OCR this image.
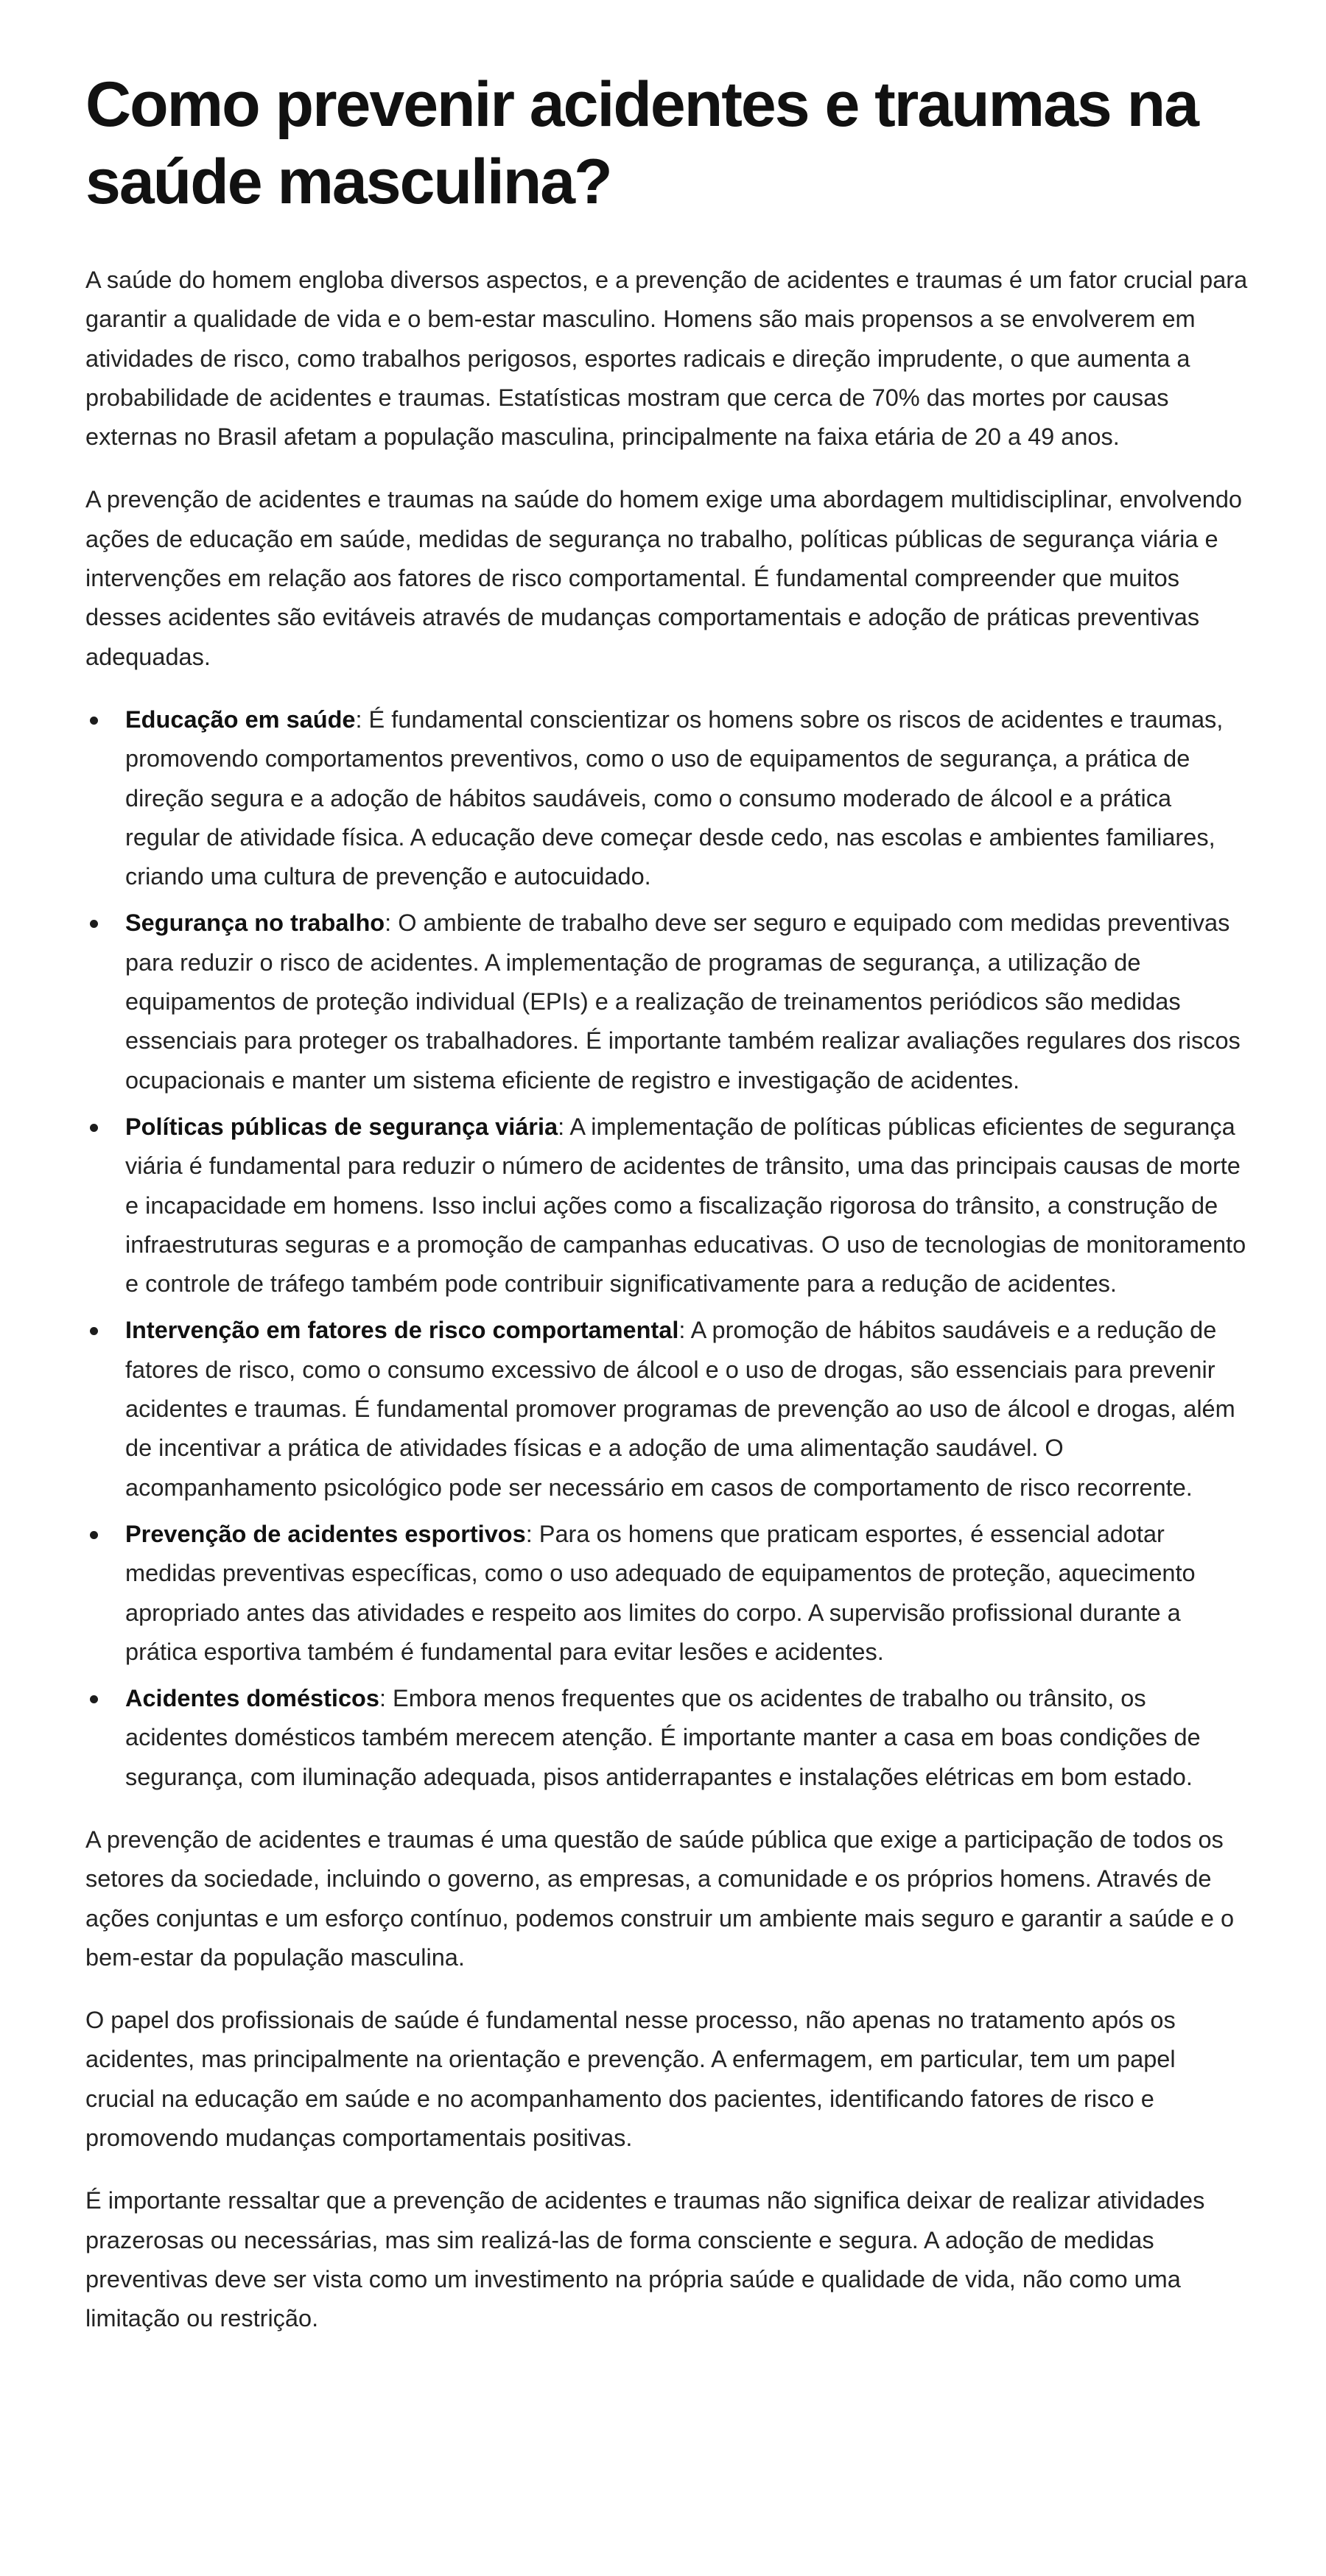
Como prevenir acidentes e traumas na saúde masculina?

A saúde do homem engloba diversos aspectos, e a prevenção de acidentes e traumas é um fator crucial para garantir a qualidade de vida e o bem-estar masculino. Homens são mais propensos a se envolverem em atividades de risco, como trabalhos perigosos, esportes radicais e direção imprudente, o que aumenta a probabilidade de acidentes e traumas. Estatísticas mostram que cerca de 70% das mortes por causas externas no Brasil afetam a população masculina, principalmente na faixa etária de 20 a 49 anos.

A prevenção de acidentes e traumas na saúde do homem exige uma abordagem multidisciplinar, envolvendo ações de educação em saúde, medidas de segurança no trabalho, políticas públicas de segurança viária e intervenções em relação aos fatores de risco comportamental. É fundamental compreender que muitos desses acidentes são evitáveis através de mudanças comportamentais e adoção de práticas preventivas adequadas.

Educação em saúde: É fundamental conscientizar os homens sobre os riscos de acidentes e traumas, promovendo comportamentos preventivos, como o uso de equipamentos de segurança, a prática de direção segura e a adoção de hábitos saudáveis, como o consumo moderado de álcool e a prática regular de atividade física. A educação deve começar desde cedo, nas escolas e ambientes familiares, criando uma cultura de prevenção e autocuidado.
Segurança no trabalho: O ambiente de trabalho deve ser seguro e equipado com medidas preventivas para reduzir o risco de acidentes. A implementação de programas de segurança, a utilização de equipamentos de proteção individual (EPIs) e a realização de treinamentos periódicos são medidas essenciais para proteger os trabalhadores. É importante também realizar avaliações regulares dos riscos ocupacionais e manter um sistema eficiente de registro e investigação de acidentes.
Políticas públicas de segurança viária: A implementação de políticas públicas eficientes de segurança viária é fundamental para reduzir o número de acidentes de trânsito, uma das principais causas de morte e incapacidade em homens. Isso inclui ações como a fiscalização rigorosa do trânsito, a construção de infraestruturas seguras e a promoção de campanhas educativas. O uso de tecnologias de monitoramento e controle de tráfego também pode contribuir significativamente para a redução de acidentes.
Intervenção em fatores de risco comportamental: A promoção de hábitos saudáveis e a redução de fatores de risco, como o consumo excessivo de álcool e o uso de drogas, são essenciais para prevenir acidentes e traumas. É fundamental promover programas de prevenção ao uso de álcool e drogas, além de incentivar a prática de atividades físicas e a adoção de uma alimentação saudável. O acompanhamento psicológico pode ser necessário em casos de comportamento de risco recorrente.
Prevenção de acidentes esportivos: Para os homens que praticam esportes, é essencial adotar medidas preventivas específicas, como o uso adequado de equipamentos de proteção, aquecimento apropriado antes das atividades e respeito aos limites do corpo. A supervisão profissional durante a prática esportiva também é fundamental para evitar lesões e acidentes.
Acidentes domésticos: Embora menos frequentes que os acidentes de trabalho ou trânsito, os acidentes domésticos também merecem atenção. É importante manter a casa em boas condições de segurança, com iluminação adequada, pisos antiderrapantes e instalações elétricas em bom estado.

A prevenção de acidentes e traumas é uma questão de saúde pública que exige a participação de todos os setores da sociedade, incluindo o governo, as empresas, a comunidade e os próprios homens. Através de ações conjuntas e um esforço contínuo, podemos construir um ambiente mais seguro e garantir a saúde e o bem-estar da população masculina.

O papel dos profissionais de saúde é fundamental nesse processo, não apenas no tratamento após os acidentes, mas principalmente na orientação e prevenção. A enfermagem, em particular, tem um papel crucial na educação em saúde e no acompanhamento dos pacientes, identificando fatores de risco e promovendo mudanças comportamentais positivas.

É importante ressaltar que a prevenção de acidentes e traumas não significa deixar de realizar atividades prazerosas ou necessárias, mas sim realizá-las de forma consciente e segura. A adoção de medidas preventivas deve ser vista como um investimento na própria saúde e qualidade de vida, não como uma limitação ou restrição.
